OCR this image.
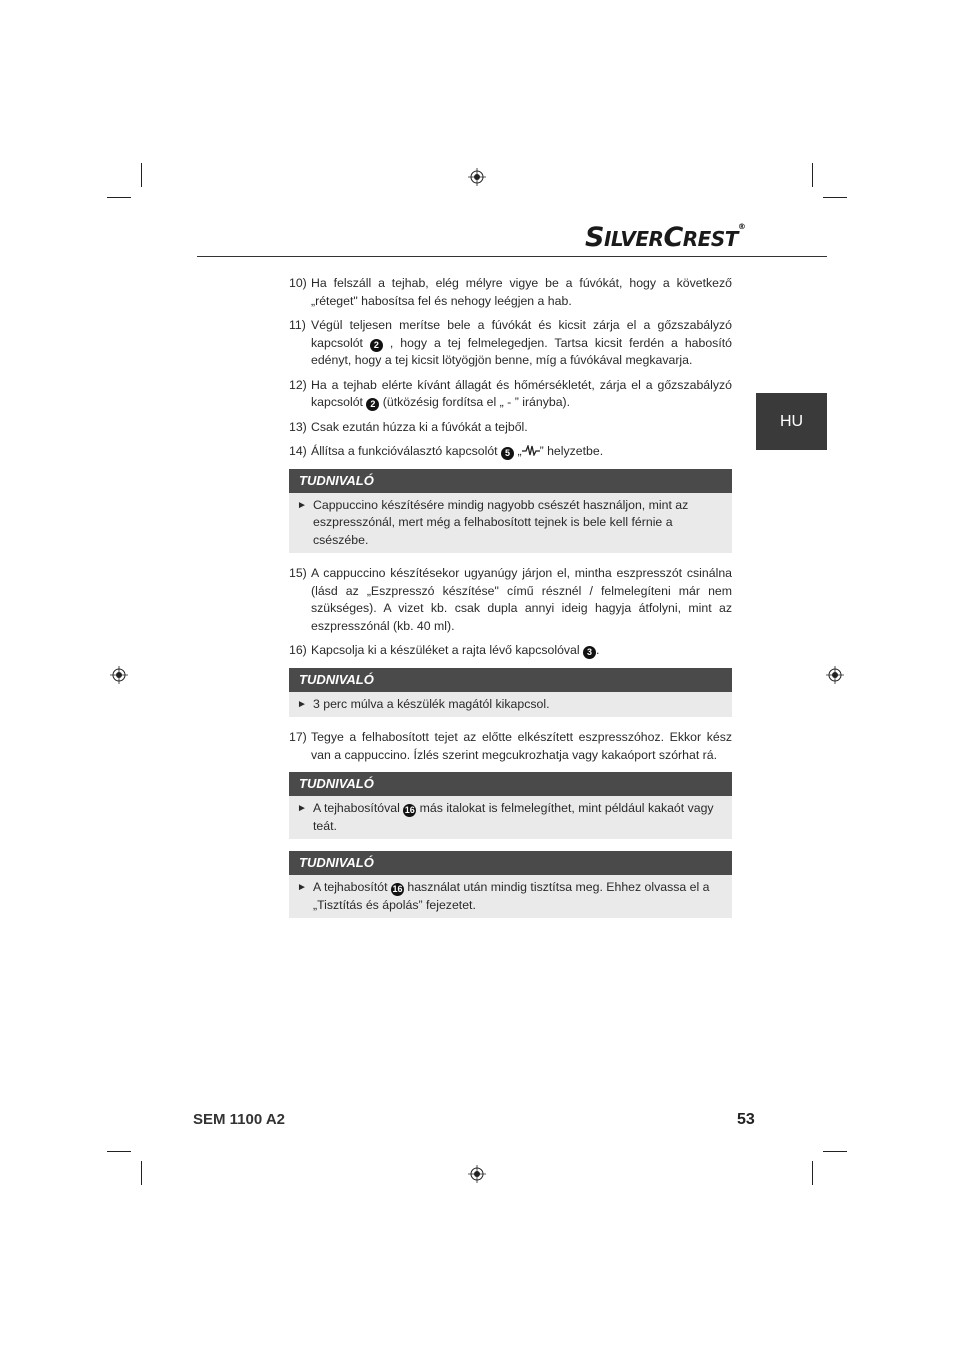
SILVERCREST®
HU
10) Ha felszáll a tejhab, elég mélyre vigye be a fúvókát, hogy a következő „réteget" habosítsa fel és nehogy leégjen a hab.
11) Végül teljesen merítse bele a fúvókát és kicsit zárja el a gőzszabályzó kapcsolót 2 , hogy a tej felmelegedjen. Tartsa kicsit ferdén a habosító edényt, hogy a tej kicsit lötyögjön benne, míg a fúvókával megkavarja.
12) Ha a tejhab elérte kívánt állagát és hőmérsékletét, zárja el a gőzszabályzó kapcsolót 2 (ütközésig fordítsa el „ - ” irányba).
13) Csak ezután húzza ki a fúvókát a tejből.
14) Állítsa a funkcióválasztó kapcsolót 5 „ ” helyzetbe.
TUDNIVALÓ
► Cappuccino készítésére mindig nagyobb csészét használjon, mint az eszpresszónál, mert még a felhabosított tejnek is bele kell férnie a csészébe.
15) A cappuccino készítésekor ugyanúgy járjon el, mintha eszpresszót csinálna (lásd az „Eszpresszó készítése" című résznél / felmelegíteni már nem szükséges). A vizet kb. csak dupla annyi ideig hagyja átfolyni, mint az eszpresszónál (kb. 40 ml).
16) Kapcsolja ki a készüléket a rajta lévő kapcsolóval 3 .
TUDNIVALÓ
► 3 perc múlva a készülék magától kikapcsol.
17) Tegye a felhabosított tejet az előtte elkészített eszpresszóhoz. Ekkor kész van a cappuccino. Ízlés szerint megcukrozhatja vagy kakaóport szórhat rá.
TUDNIVALÓ
► A tejhabosítóval 16 más italokat is felmelegíthet, mint például kakaót vagy teát.
TUDNIVALÓ
► A tejhabosítót 16 használat után mindig tisztítsa meg. Ehhez olvassa el a „Tisztítás és ápolás” fejezetet.
SEM 1100 A2	53
